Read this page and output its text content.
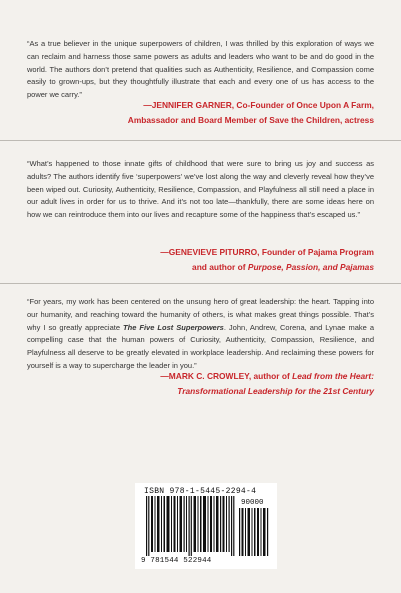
“As a true believer in the unique superpowers of children, I was thrilled by this exploration of ways we can reclaim and harness those same powers as adults and leaders who want to be and do good in the world. The authors don’t pretend that qualities such as Authenticity, Resilience, and Compassion come easily to grown-ups, but they thoughtfully illustrate that each and every one of us has access to the power we carry.”

—JENNIFER GARNER, Co-Founder of Once Upon A Farm,
Ambassador and Board Member of Save the Children, actress

“What’s happened to those innate gifts of childhood that were sure to bring us joy and success as adults? The authors identify five ‘superpowers’ we’ve lost along the way and cleverly reveal how they’ve been wiped out. Curiosity, Authenticity, Resilience, Compassion, and Playfulness all still need a place in our adult lives in order for us to thrive. And it’s not too late—thankfully, there are some ideas here on how we can reintroduce them into our lives and recapture some of the happiness that’s escaped us.”

—GENEVIEVE PITURRO, Founder of Pajama Program
and author of Purpose, Passion, and Pajamas

“For years, my work has been centered on the unsung hero of great leadership: the heart. Tapping into our humanity, and reaching toward the humanity of others, is what makes great things possible. That’s why I so greatly appreciate The Five Lost Superpowers. John, Andrew, Corena, and Lynae make a compelling case that the human powers of Curiosity, Authenticity, Compassion, Resilience, and Playfulness all deserve to be greatly elevated in workplace leadership. And reclaiming these powers for yourself is a way to supercharge the leader in you.”

—MARK C. CROWLEY, author of Lead from the Heart:
Transformational Leadership for the 21st Century
ISBN 978-1-5445-2294-4
90000
9 781544 522944
